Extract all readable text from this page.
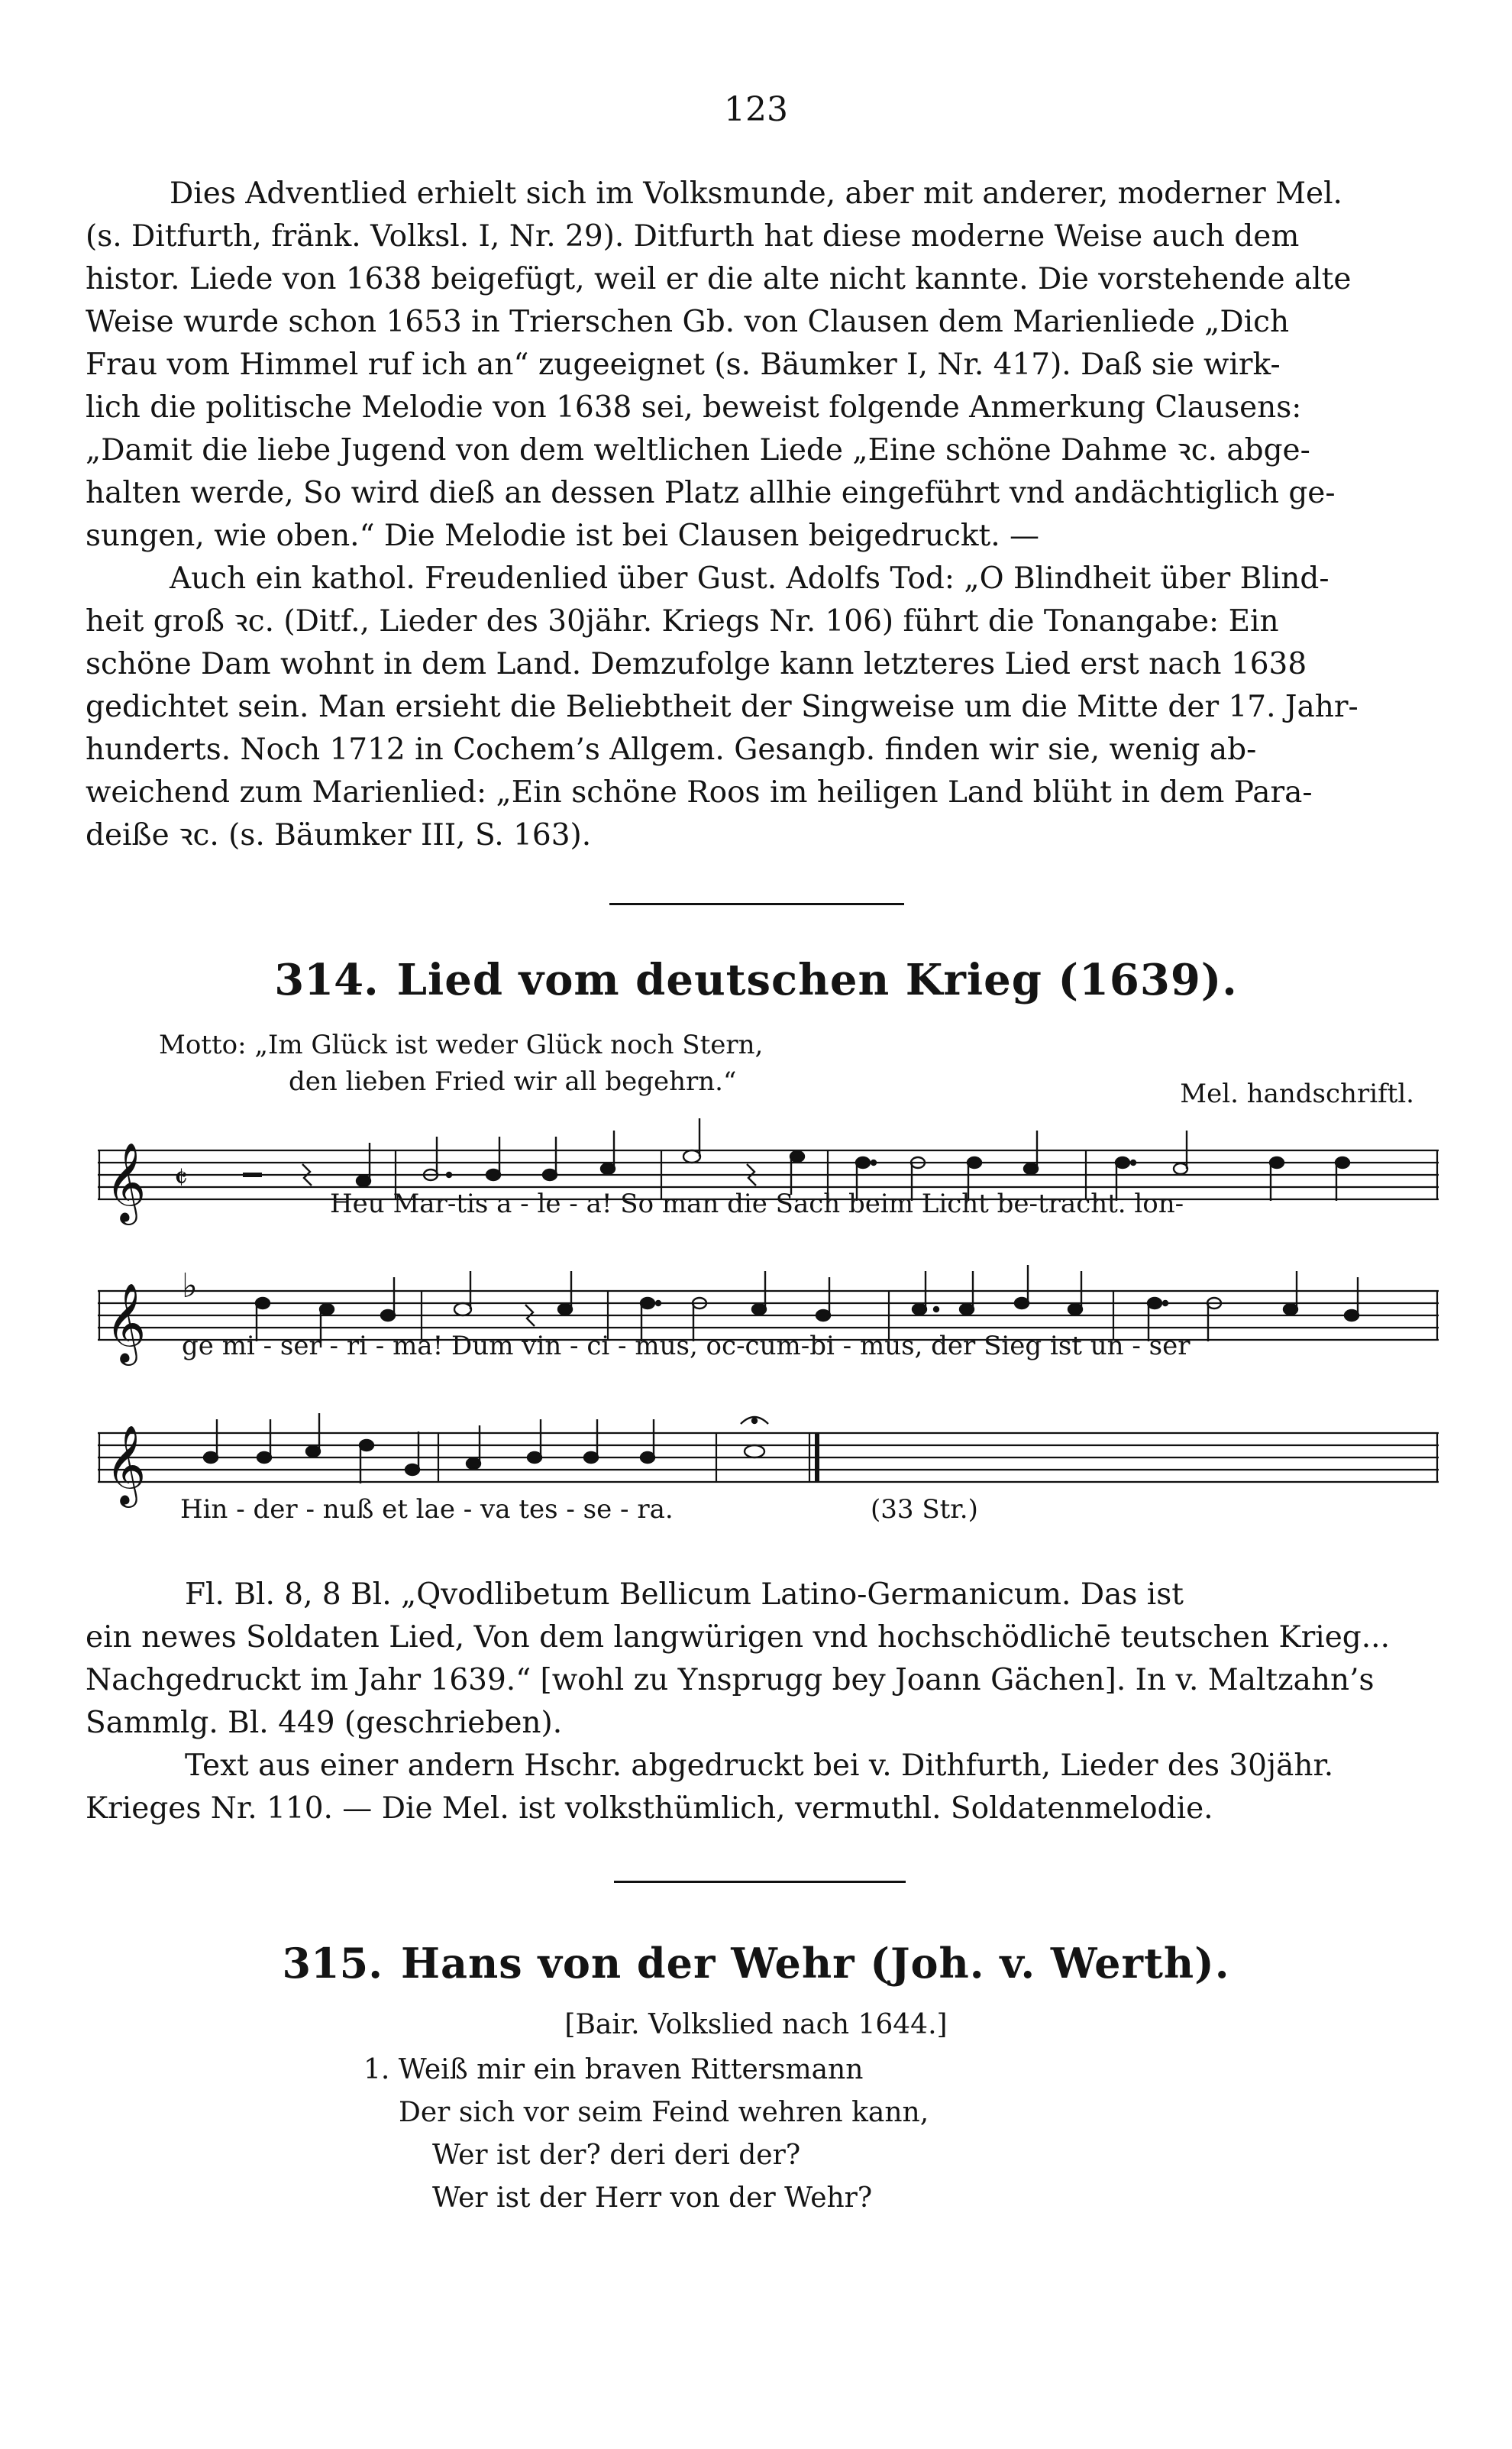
123

Dies Adventlied erhielt sich im Volksmunde, aber mit anderer, moderner Mel.
(s. Ditfurth, fränk. Volksl. I, Nr. 29). Ditfurth hat diese moderne Weise auch dem
histor. Liede von 1638 beigefügt, weil er die alte nicht kannte. Die vorstehende alte
Weise wurde schon 1653 in Trierschen Gb. von Clausen dem Marienliede „Dich
Frau vom Himmel ruf ich an“ zugeeignet (s. Bäumker I, Nr. 417). Daß sie wirk-
lich die politische Melodie von 1638 sei, beweist folgende Anmerkung Clausens:
„Damit die liebe Jugend von dem weltlichen Liede „Eine schöne Dahme ꝛc. abge-
halten werde, So wird dieß an dessen Platz allhie eingeführt vnd andächtiglich ge-
sungen, wie oben.“ Die Melodie ist bei Clausen beigedruckt. —

Auch ein kathol. Freudenlied über Gust. Adolfs Tod: „O Blindheit über Blind-
heit groß ꝛc. (Ditf., Lieder des 30jähr. Kriegs Nr. 106) führt die Tonangabe: Ein
schöne Dam wohnt in dem Land. Demzufolge kann letzteres Lied erst nach 1638
gedichtet sein. Man ersieht die Beliebtheit der Singweise um die Mitte der 17. Jahr-
hunderts. Noch 1712 in Cochem’s Allgem. Gesangb. finden wir sie, wenig ab-
weichend zum Marienlied: „Ein schöne Roos im heiligen Land blüht in dem Para-
deiße ꝛc. (s. Bäumker III, S. 163).

314. Lied vom deutschen Krieg (1639).
Motto: „Im Glück ist weder Glück noch Stern,
den lieben Fried wir all begehrn.“	Mel. handschriftl.
𝄞 𝄵
Heu Mar-tis a - le - a! So man die Sach beim Licht be-tracht. lon-
𝄞 ♭
ge mi - ser - ri - ma! Dum vin - ci - mus, oc-cum-bi - mus, der Sieg ist un - ser
𝄞
Hin - der - nuß et lae - va tes - se - ra.	(33 Str.)

Fl. Bl. 8, 8 Bl. „Qvodlibetum Bellicum Latino-Germanicum. Das ist
ein newes Soldaten Lied, Von dem langwürigen vnd hochschödlichē teutschen Krieg...
Nachgedruckt im Jahr 1639.“ [wohl zu Ynsprugg bey Joann Gächen]. In v. Maltzahn’s
Sammlg. Bl. 449 (geschrieben).

Text aus einer andern Hschr. abgedruckt bei v. Dithfurth, Lieder des 30jähr.
Krieges Nr. 110. — Die Mel. ist volksthümlich, vermuthl. Soldatenmelodie.

315. Hans von der Wehr (Joh. v. Werth).
[Bair. Volkslied nach 1644.]
1. Weiß mir ein braven Rittersmann
Der sich vor seim Feind wehren kann,
Wer ist der? deri deri der?
Wer ist der Herr von der Wehr?
